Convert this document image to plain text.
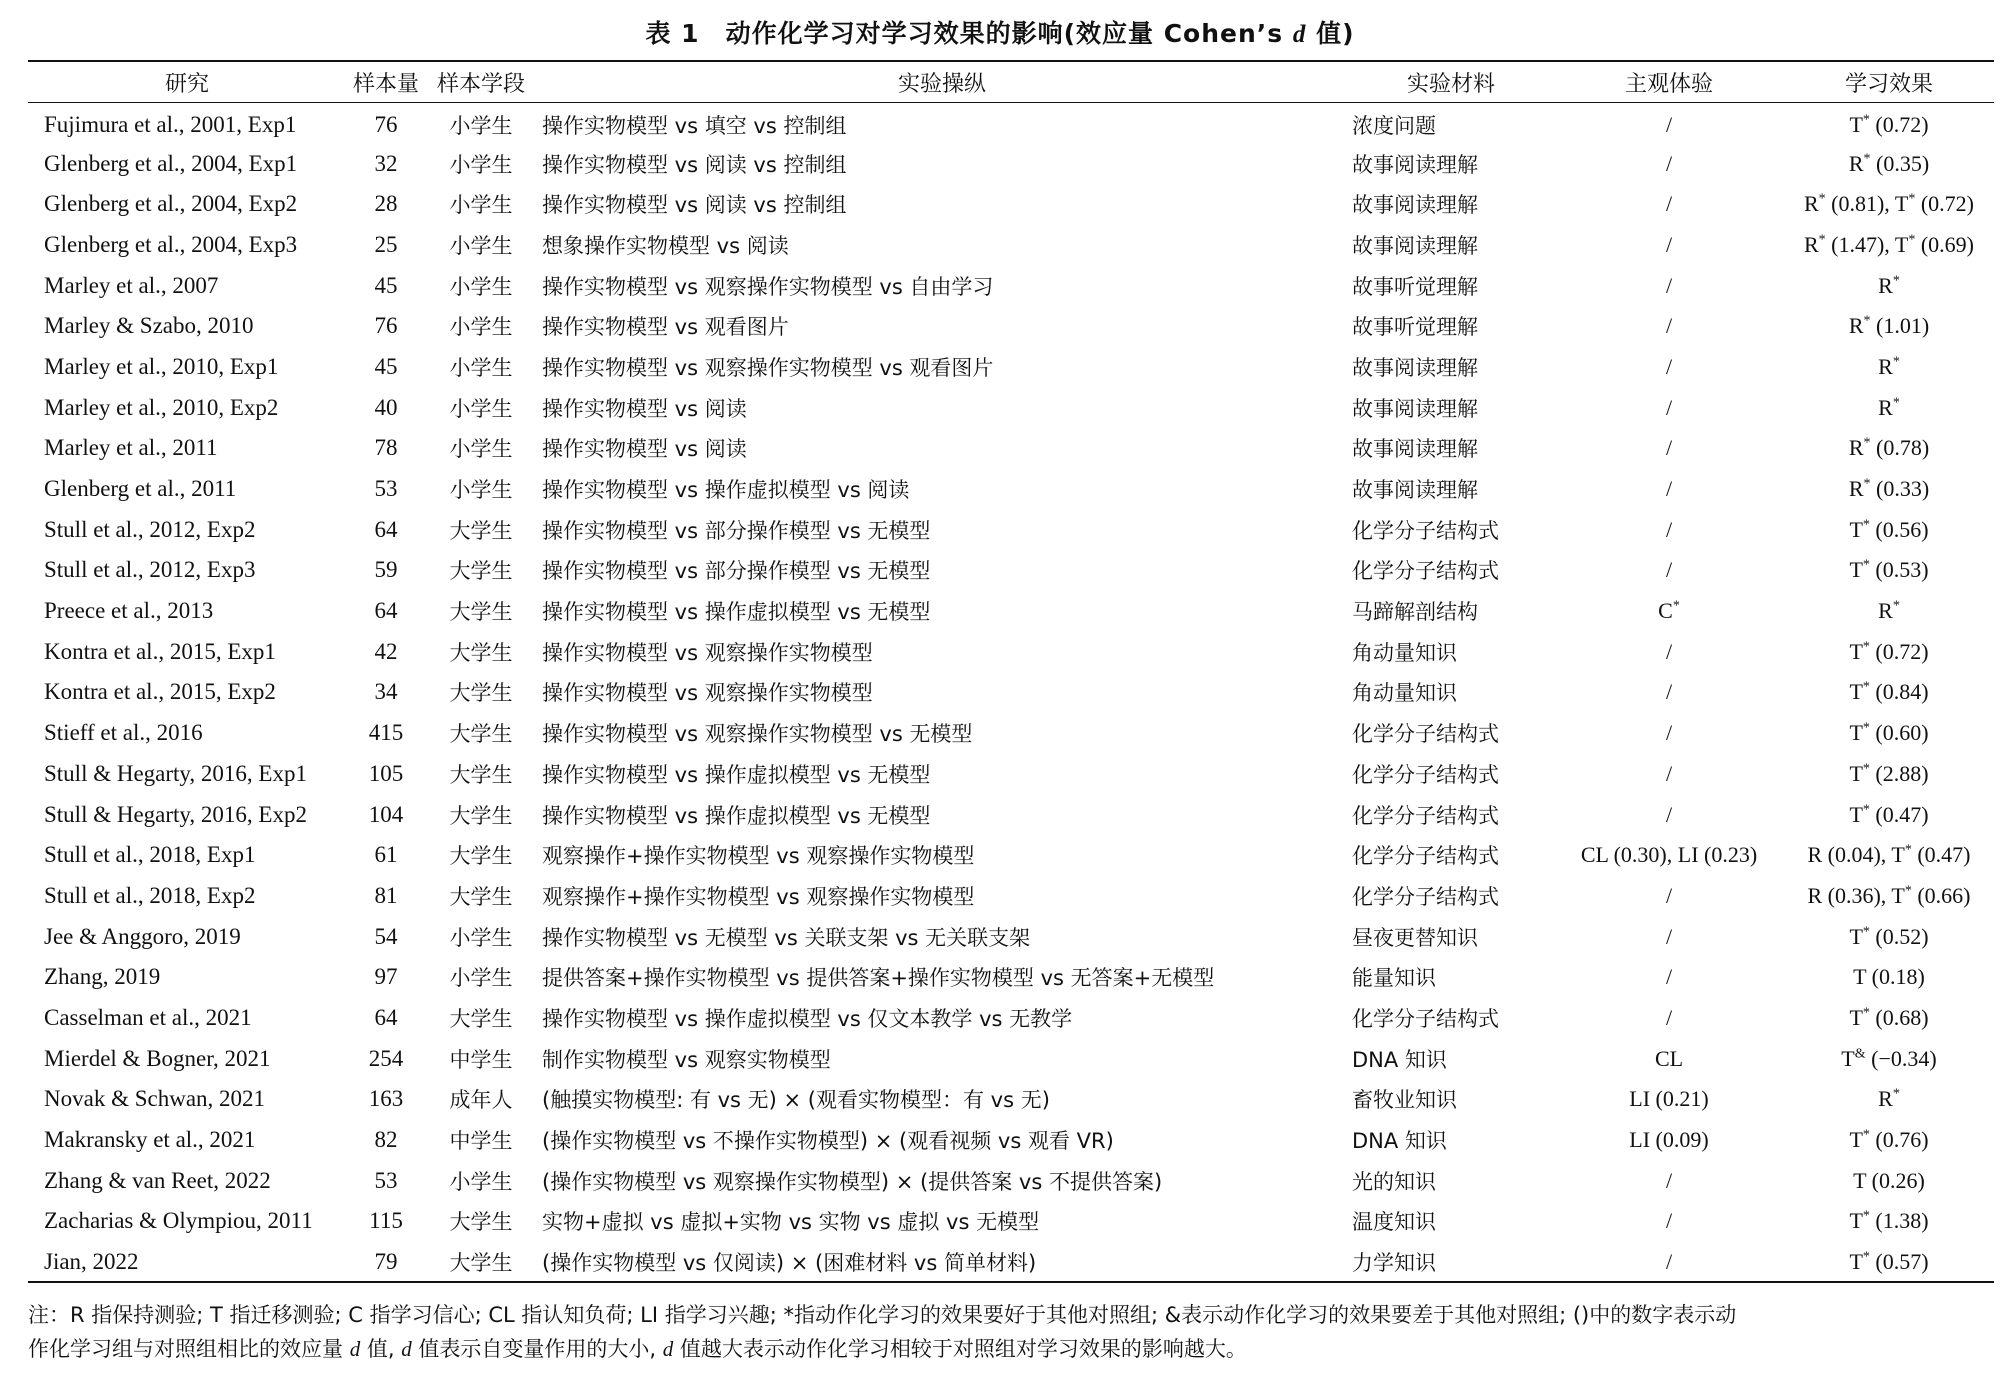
表 1 动作化学习对学习效果的影响(效应量 Cohen’s d 值)
研究	样本量	样本学段	实验操纵	实验材料	主观体验	学习效果
Fujimura et al., 2001, Exp1	76	小学生	操作实物模型 vs 填空 vs 控制组	浓度问题	/	T* (0.72)
Glenberg et al., 2004, Exp1	32	小学生	操作实物模型 vs 阅读 vs 控制组	故事阅读理解	/	R* (0.35)
Glenberg et al., 2004, Exp2	28	小学生	操作实物模型 vs 阅读 vs 控制组	故事阅读理解	/	R* (0.81), T* (0.72)
Glenberg et al., 2004, Exp3	25	小学生	想象操作实物模型 vs 阅读	故事阅读理解	/	R* (1.47), T* (0.69)
Marley et al., 2007	45	小学生	操作实物模型 vs 观察操作实物模型 vs 自由学习	故事听觉理解	/	R*
Marley & Szabo, 2010	76	小学生	操作实物模型 vs 观看图片	故事听觉理解	/	R* (1.01)
Marley et al., 2010, Exp1	45	小学生	操作实物模型 vs 观察操作实物模型 vs 观看图片	故事阅读理解	/	R*
Marley et al., 2010, Exp2	40	小学生	操作实物模型 vs 阅读	故事阅读理解	/	R*
Marley et al., 2011	78	小学生	操作实物模型 vs 阅读	故事阅读理解	/	R* (0.78)
Glenberg et al., 2011	53	小学生	操作实物模型 vs 操作虚拟模型 vs 阅读	故事阅读理解	/	R* (0.33)
Stull et al., 2012, Exp2	64	大学生	操作实物模型 vs 部分操作模型 vs 无模型	化学分子结构式	/	T* (0.56)
Stull et al., 2012, Exp3	59	大学生	操作实物模型 vs 部分操作模型 vs 无模型	化学分子结构式	/	T* (0.53)
Preece et al., 2013	64	大学生	操作实物模型 vs 操作虚拟模型 vs 无模型	马蹄解剖结构	C*	R*
Kontra et al., 2015, Exp1	42	大学生	操作实物模型 vs 观察操作实物模型	角动量知识	/	T* (0.72)
Kontra et al., 2015, Exp2	34	大学生	操作实物模型 vs 观察操作实物模型	角动量知识	/	T* (0.84)
Stieff et al., 2016	415	大学生	操作实物模型 vs 观察操作实物模型 vs 无模型	化学分子结构式	/	T* (0.60)
Stull & Hegarty, 2016, Exp1	105	大学生	操作实物模型 vs 操作虚拟模型 vs 无模型	化学分子结构式	/	T* (2.88)
Stull & Hegarty, 2016, Exp2	104	大学生	操作实物模型 vs 操作虚拟模型 vs 无模型	化学分子结构式	/	T* (0.47)
Stull et al., 2018, Exp1	61	大学生	观察操作+操作实物模型 vs 观察操作实物模型	化学分子结构式	CL (0.30), LI (0.23)	R (0.04), T* (0.47)
Stull et al., 2018, Exp2	81	大学生	观察操作+操作实物模型 vs 观察操作实物模型	化学分子结构式	/	R (0.36), T* (0.66)
Jee & Anggoro, 2019	54	小学生	操作实物模型 vs 无模型 vs 关联支架 vs 无关联支架	昼夜更替知识	/	T* (0.52)
Zhang, 2019	97	小学生	提供答案+操作实物模型 vs 提供答案+操作实物模型 vs 无答案+无模型	能量知识	/	T (0.18)
Casselman et al., 2021	64	大学生	操作实物模型 vs 操作虚拟模型 vs 仅文本教学 vs 无教学	化学分子结构式	/	T* (0.68)
Mierdel & Bogner, 2021	254	中学生	制作实物模型 vs 观察实物模型	DNA 知识	CL	T& (−0.34)
Novak & Schwan, 2021	163	成年人	(触摸实物模型: 有 vs 无) × (观看实物模型：有 vs 无)	畜牧业知识	LI (0.21)	R*
Makransky et al., 2021	82	中学生	(操作实物模型 vs 不操作实物模型) × (观看视频 vs 观看 VR)	DNA 知识	LI (0.09)	T* (0.76)
Zhang & van Reet, 2022	53	小学生	(操作实物模型 vs 观察操作实物模型) × (提供答案 vs 不提供答案)	光的知识	/	T (0.26)
Zacharias & Olympiou, 2011	115	大学生	实物+虚拟 vs 虚拟+实物 vs 实物 vs 虚拟 vs 无模型	温度知识	/	T* (1.38)
Jian, 2022	79	大学生	(操作实物模型 vs 仅阅读) × (困难材料 vs 简单材料)	力学知识	/	T* (0.57)
注：R 指保持测验; T 指迁移测验; C 指学习信心; CL 指认知负荷; LI 指学习兴趣; *指动作化学习的效果要好于其他对照组; &表示动作化学习的效果要差于其他对照组; ()中的数字表示动
作化学习组与对照组相比的效应量 d 值, d 值表示自变量作用的大小, d 值越大表示动作化学习相较于对照组对学习效果的影响越大。
